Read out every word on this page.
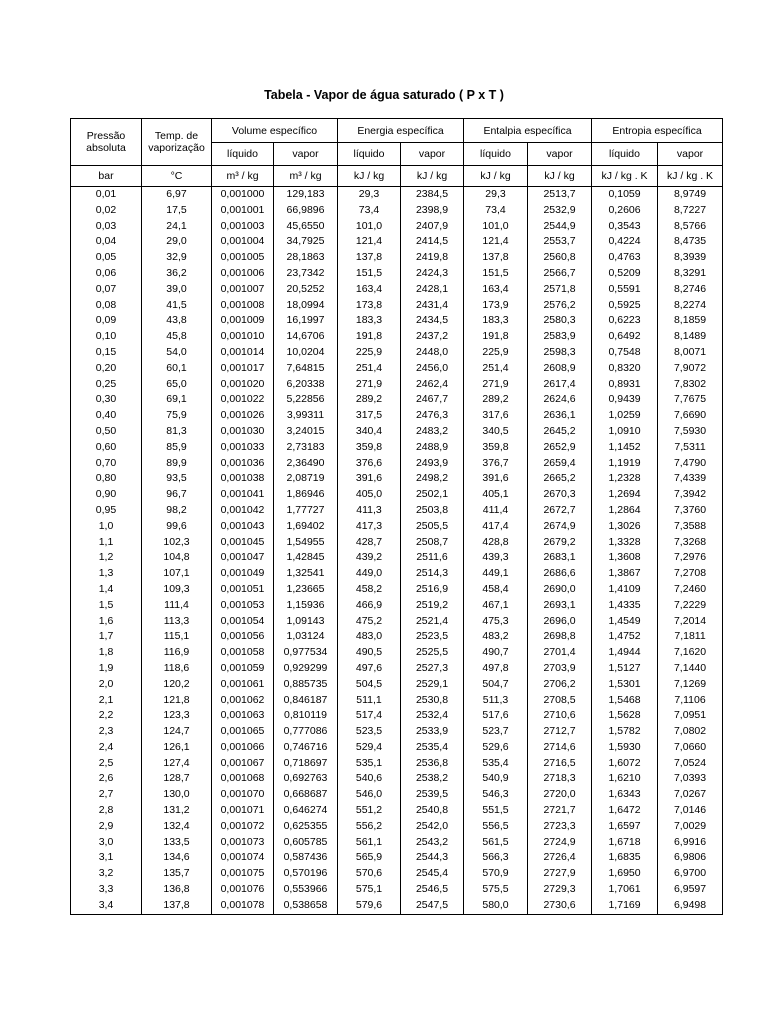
Tabela - Vapor de água saturado ( P x T )
Pressão absoluta	Temp. de vaporização	Volume específico		Energia específica		Entalpia específica		Entropia específica	
		líquido	vapor	líquido	vapor	líquido	vapor	líquido	vapor
bar	°C	m³ / kg	m³ / kg	kJ / kg	kJ / kg	kJ / kg	kJ / kg	kJ / kg . K	kJ / kg . K
0,01	6,97	0,001000	129,183	29,3	2384,5	29,3	2513,7	0,1059	8,9749
0,02	17,5	0,001001	66,9896	73,4	2398,9	73,4	2532,9	0,2606	8,7227
0,03	24,1	0,001003	45,6550	101,0	2407,9	101,0	2544,9	0,3543	8,5766
0,04	29,0	0,001004	34,7925	121,4	2414,5	121,4	2553,7	0,4224	8,4735
0,05	32,9	0,001005	28,1863	137,8	2419,8	137,8	2560,8	0,4763	8,3939
0,06	36,2	0,001006	23,7342	151,5	2424,3	151,5	2566,7	0,5209	8,3291
0,07	39,0	0,001007	20,5252	163,4	2428,1	163,4	2571,8	0,5591	8,2746
0,08	41,5	0,001008	18,0994	173,8	2431,4	173,9	2576,2	0,5925	8,2274
0,09	43,8	0,001009	16,1997	183,3	2434,5	183,3	2580,3	0,6223	8,1859
0,10	45,8	0,001010	14,6706	191,8	2437,2	191,8	2583,9	0,6492	8,1489
0,15	54,0	0,001014	10,0204	225,9	2448,0	225,9	2598,3	0,7548	8,0071
0,20	60,1	0,001017	7,64815	251,4	2456,0	251,4	2608,9	0,8320	7,9072
0,25	65,0	0,001020	6,20338	271,9	2462,4	271,9	2617,4	0,8931	7,8302
0,30	69,1	0,001022	5,22856	289,2	2467,7	289,2	2624,6	0,9439	7,7675
0,40	75,9	0,001026	3,99311	317,5	2476,3	317,6	2636,1	1,0259	7,6690
0,50	81,3	0,001030	3,24015	340,4	2483,2	340,5	2645,2	1,0910	7,5930
0,60	85,9	0,001033	2,73183	359,8	2488,9	359,8	2652,9	1,1452	7,5311
0,70	89,9	0,001036	2,36490	376,6	2493,9	376,7	2659,4	1,1919	7,4790
0,80	93,5	0,001038	2,08719	391,6	2498,2	391,6	2665,2	1,2328	7,4339
0,90	96,7	0,001041	1,86946	405,0	2502,1	405,1	2670,3	1,2694	7,3942
0,95	98,2	0,001042	1,77727	411,3	2503,8	411,4	2672,7	1,2864	7,3760
1,0	99,6	0,001043	1,69402	417,3	2505,5	417,4	2674,9	1,3026	7,3588
1,1	102,3	0,001045	1,54955	428,7	2508,7	428,8	2679,2	1,3328	7,3268
1,2	104,8	0,001047	1,42845	439,2	2511,6	439,3	2683,1	1,3608	7,2976
1,3	107,1	0,001049	1,32541	449,0	2514,3	449,1	2686,6	1,3867	7,2708
1,4	109,3	0,001051	1,23665	458,2	2516,9	458,4	2690,0	1,4109	7,2460
1,5	111,4	0,001053	1,15936	466,9	2519,2	467,1	2693,1	1,4335	7,2229
1,6	113,3	0,001054	1,09143	475,2	2521,4	475,3	2696,0	1,4549	7,2014
1,7	115,1	0,001056	1,03124	483,0	2523,5	483,2	2698,8	1,4752	7,1811
1,8	116,9	0,001058	0,977534	490,5	2525,5	490,7	2701,4	1,4944	7,1620
1,9	118,6	0,001059	0,929299	497,6	2527,3	497,8	2703,9	1,5127	7,1440
2,0	120,2	0,001061	0,885735	504,5	2529,1	504,7	2706,2	1,5301	7,1269
2,1	121,8	0,001062	0,846187	511,1	2530,8	511,3	2708,5	1,5468	7,1106
2,2	123,3	0,001063	0,810119	517,4	2532,4	517,6	2710,6	1,5628	7,0951
2,3	124,7	0,001065	0,777086	523,5	2533,9	523,7	2712,7	1,5782	7,0802
2,4	126,1	0,001066	0,746716	529,4	2535,4	529,6	2714,6	1,5930	7,0660
2,5	127,4	0,001067	0,718697	535,1	2536,8	535,4	2716,5	1,6072	7,0524
2,6	128,7	0,001068	0,692763	540,6	2538,2	540,9	2718,3	1,6210	7,0393
2,7	130,0	0,001070	0,668687	546,0	2539,5	546,3	2720,0	1,6343	7,0267
2,8	131,2	0,001071	0,646274	551,2	2540,8	551,5	2721,7	1,6472	7,0146
2,9	132,4	0,001072	0,625355	556,2	2542,0	556,5	2723,3	1,6597	7,0029
3,0	133,5	0,001073	0,605785	561,1	2543,2	561,5	2724,9	1,6718	6,9916
3,1	134,6	0,001074	0,587436	565,9	2544,3	566,3	2726,4	1,6835	6,9806
3,2	135,7	0,001075	0,570196	570,6	2545,4	570,9	2727,9	1,6950	6,9700
3,3	136,8	0,001076	0,553966	575,1	2546,5	575,5	2729,3	1,7061	6,9597
3,4	137,8	0,001078	0,538658	579,6	2547,5	580,0	2730,6	1,7169	6,9498
